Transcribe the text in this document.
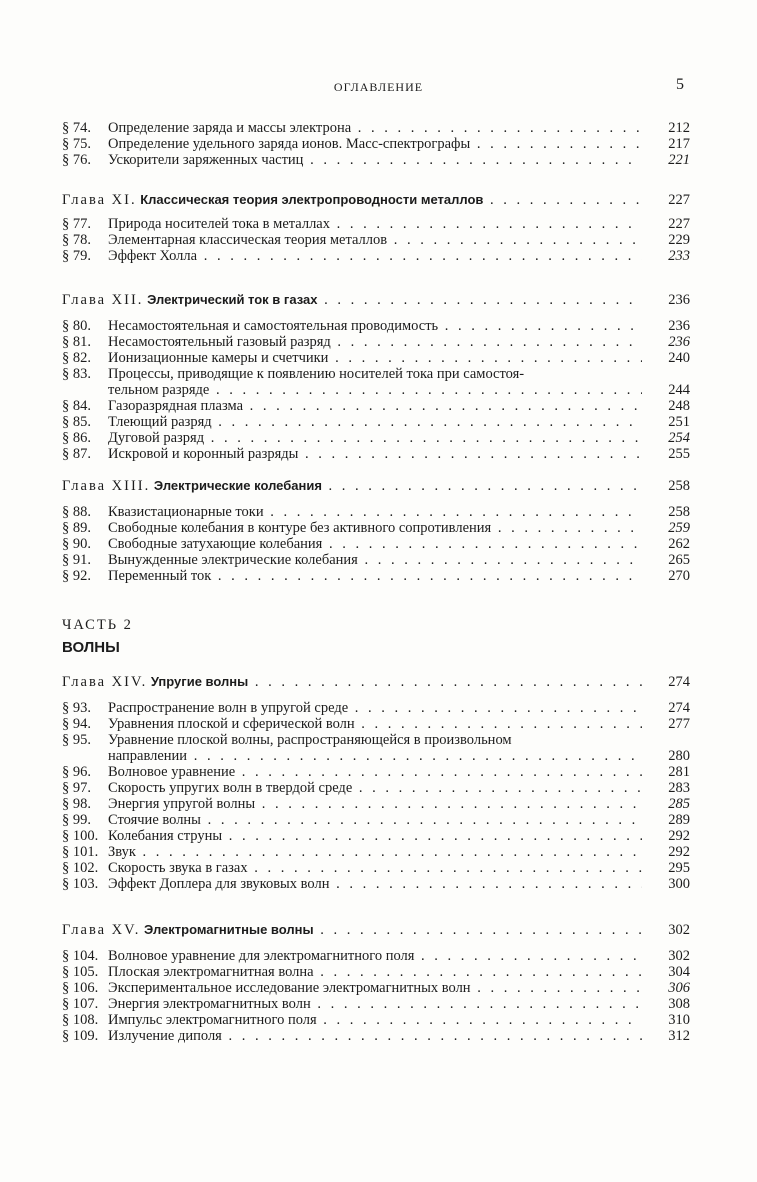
ОГЛАВЛЕНИЕ	5
§ 74. Определение заряда и массы электрона . . .	212
§ 75. Определение удельного заряда ионов. Масс-спектрографы . . .	217
§ 76. Ускорители заряженных частиц . . .	221
Глава XI. Классическая теория электропроводности металлов . . .	227
§ 77. Природа носителей тока в металлах . . .	227
§ 78. Элементарная классическая теория металлов . . .	229
§ 79. Эффект Холла . . .	233
Глава XII. Электрический ток в газах . . .	236
§ 80. Несамостоятельная и самостоятельная проводимость . . .	236
§ 81. Несамостоятельный газовый разряд . . .	236
§ 82. Ионизационные камеры и счетчики . . .	240
§ 83. Процессы, приводящие к появлению носителей тока при самостоя-
тельном разряде . . .	244
§ 84. Газоразрядная плазма . . .	248
§ 85. Тлеющий разряд . . .	251
§ 86. Дуговой разряд . . .	254
§ 87. Искровой и коронный разряды . . .	255
Глава XIII. Электрические колебания . . .	258
§ 88. Квазистационарные токи . . .	258
§ 89. Свободные колебания в контуре без активного сопротивления . . .	259
§ 90. Свободные затухающие колебания . . .	262
§ 91. Вынужденные электрические колебания . . .	265
§ 92. Переменный ток . . .	270
ЧАСТЬ 2
ВОЛНЫ
Глава XIV. Упругие волны . . .	274
§ 93. Распространение волн в упругой среде . . .	274
§ 94. Уравнения плоской и сферической волн . . .	277
§ 95. Уравнение плоской волны, распространяющейся в произвольном
направлении . . .	280
§ 96. Волновое уравнение . . .	281
§ 97. Скорость упругих волн в твердой среде . . .	283
§ 98. Энергия упругой волны . . .	285
§ 99. Стоячие волны . . .	289
§ 100. Колебания струны . . .	292
§ 101. Звук . . .	292
§ 102. Скорость звука в газах . . .	295
§ 103. Эффект Доплера для звуковых волн . . .	300
Глава XV. Электромагнитные волны . . .	302
§ 104. Волновое уравнение для электромагнитного поля . . .	302
§ 105. Плоская электромагнитная волна . . .	304
§ 106. Экспериментальное исследование электромагнитных волн . . .	306
§ 107. Энергия электромагнитных волн . . .	308
§ 108. Импульс электромагнитного поля . . .	310
§ 109. Излучение диполя . . .	312
